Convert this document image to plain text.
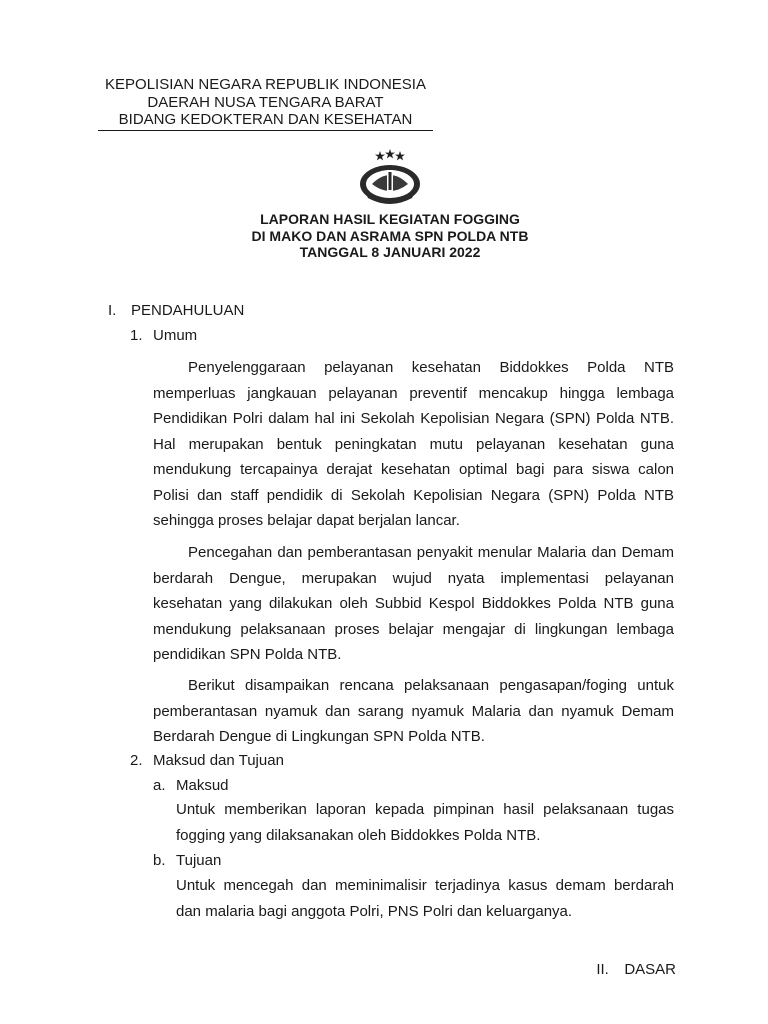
KEPOLISIAN NEGARA REPUBLIK INDONESIA
DAERAH NUSA TENGARA BARAT
BIDANG KEDOKTERAN DAN KESEHATAN
LAPORAN HASIL KEGIATAN FOGGING
DI MAKO DAN ASRAMA SPN POLDA NTB
TANGGAL 8 JANUARI 2022
I. PENDAHULUAN
1. Umum

Penyelenggaraan pelayanan kesehatan Biddokkes Polda NTB memperluas jangkauan pelayanan preventif mencakup hingga lembaga Pendidikan Polri dalam hal ini Sekolah Kepolisian Negara (SPN) Polda NTB. Hal merupakan bentuk peningkatan mutu pelayanan kesehatan guna mendukung tercapainya derajat kesehatan optimal bagi para siswa calon Polisi dan staff pendidik di Sekolah Kepolisian Negara (SPN) Polda NTB sehingga proses belajar dapat berjalan lancar.

Pencegahan dan pemberantasan penyakit menular Malaria dan Demam berdarah Dengue, merupakan wujud nyata implementasi pelayanan kesehatan yang dilakukan oleh Subbid Kespol Biddokkes Polda NTB guna mendukung pelaksanaan proses belajar mengajar di lingkungan lembaga pendidikan SPN Polda NTB.

Berikut disampaikan rencana pelaksanaan pengasapan/foging untuk pemberantasan nyamuk dan sarang nyamuk Malaria dan nyamuk Demam Berdarah Dengue di Lingkungan SPN Polda NTB.

2. Maksud dan Tujuan
a. Maksud

Untuk memberikan laporan kepada pimpinan hasil pelaksanaan tugas fogging yang dilaksanakan oleh Biddokkes Polda NTB.

b. Tujuan

Untuk mencegah dan meminimalisir terjadinya kasus demam berdarah dan malaria bagi anggota Polri, PNS Polri dan keluarganya.

II. DASAR
